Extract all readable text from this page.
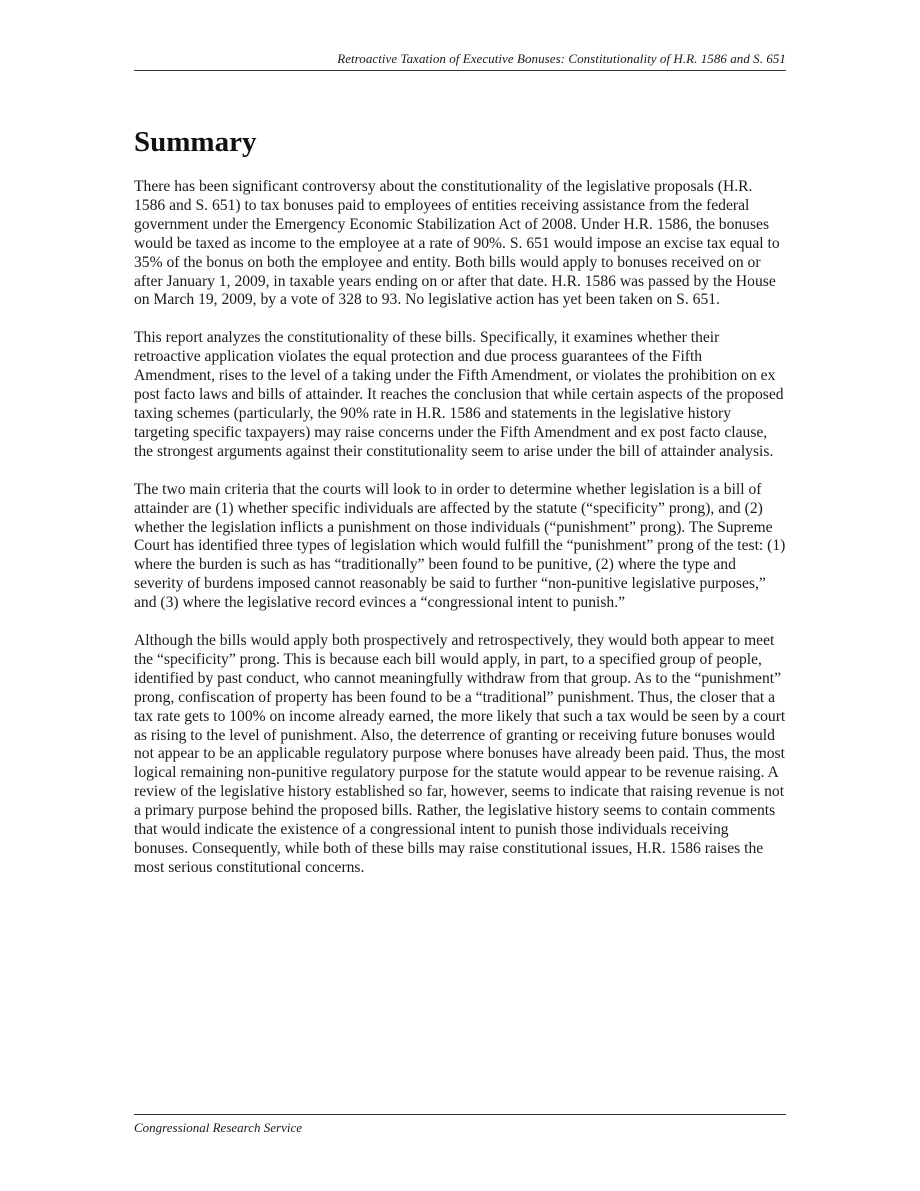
Retroactive Taxation of Executive Bonuses: Constitutionality of H.R. 1586 and S. 651
Summary

There has been significant controversy about the constitutionality of the legislative proposals (H.R. 1586 and S. 651) to tax bonuses paid to employees of entities receiving assistance from the federal government under the Emergency Economic Stabilization Act of 2008. Under H.R. 1586, the bonuses would be taxed as income to the employee at a rate of 90%. S. 651 would impose an excise tax equal to 35% of the bonus on both the employee and entity. Both bills would apply to bonuses received on or after January 1, 2009, in taxable years ending on or after that date. H.R. 1586 was passed by the House on March 19, 2009, by a vote of 328 to 93. No legislative action has yet been taken on S. 651.

This report analyzes the constitutionality of these bills. Specifically, it examines whether their retroactive application violates the equal protection and due process guarantees of the Fifth Amendment, rises to the level of a taking under the Fifth Amendment, or violates the prohibition on ex post facto laws and bills of attainder. It reaches the conclusion that while certain aspects of the proposed taxing schemes (particularly, the 90% rate in H.R. 1586 and statements in the legislative history targeting specific taxpayers) may raise concerns under the Fifth Amendment and ex post facto clause, the strongest arguments against their constitutionality seem to arise under the bill of attainder analysis.

The two main criteria that the courts will look to in order to determine whether legislation is a bill of attainder are (1) whether specific individuals are affected by the statute (“specificity” prong), and (2) whether the legislation inflicts a punishment on those individuals (“punishment” prong). The Supreme Court has identified three types of legislation which would fulfill the “punishment” prong of the test: (1) where the burden is such as has “traditionally” been found to be punitive, (2) where the type and severity of burdens imposed cannot reasonably be said to further “non-punitive legislative purposes,” and (3) where the legislative record evinces a “congressional intent to punish.”

Although the bills would apply both prospectively and retrospectively, they would both appear to meet the “specificity” prong. This is because each bill would apply, in part, to a specified group of people, identified by past conduct, who cannot meaningfully withdraw from that group. As to the “punishment” prong, confiscation of property has been found to be a “traditional” punishment. Thus, the closer that a tax rate gets to 100% on income already earned, the more likely that such a tax would be seen by a court as rising to the level of punishment. Also, the deterrence of granting or receiving future bonuses would not appear to be an applicable regulatory purpose where bonuses have already been paid. Thus, the most logical remaining non-punitive regulatory purpose for the statute would appear to be revenue raising. A review of the legislative history established so far, however, seems to indicate that raising revenue is not a primary purpose behind the proposed bills. Rather, the legislative history seems to contain comments that would indicate the existence of a congressional intent to punish those individuals receiving bonuses. Consequently, while both of these bills may raise constitutional issues, H.R. 1586 raises the most serious constitutional concerns.

Congressional Research Service
